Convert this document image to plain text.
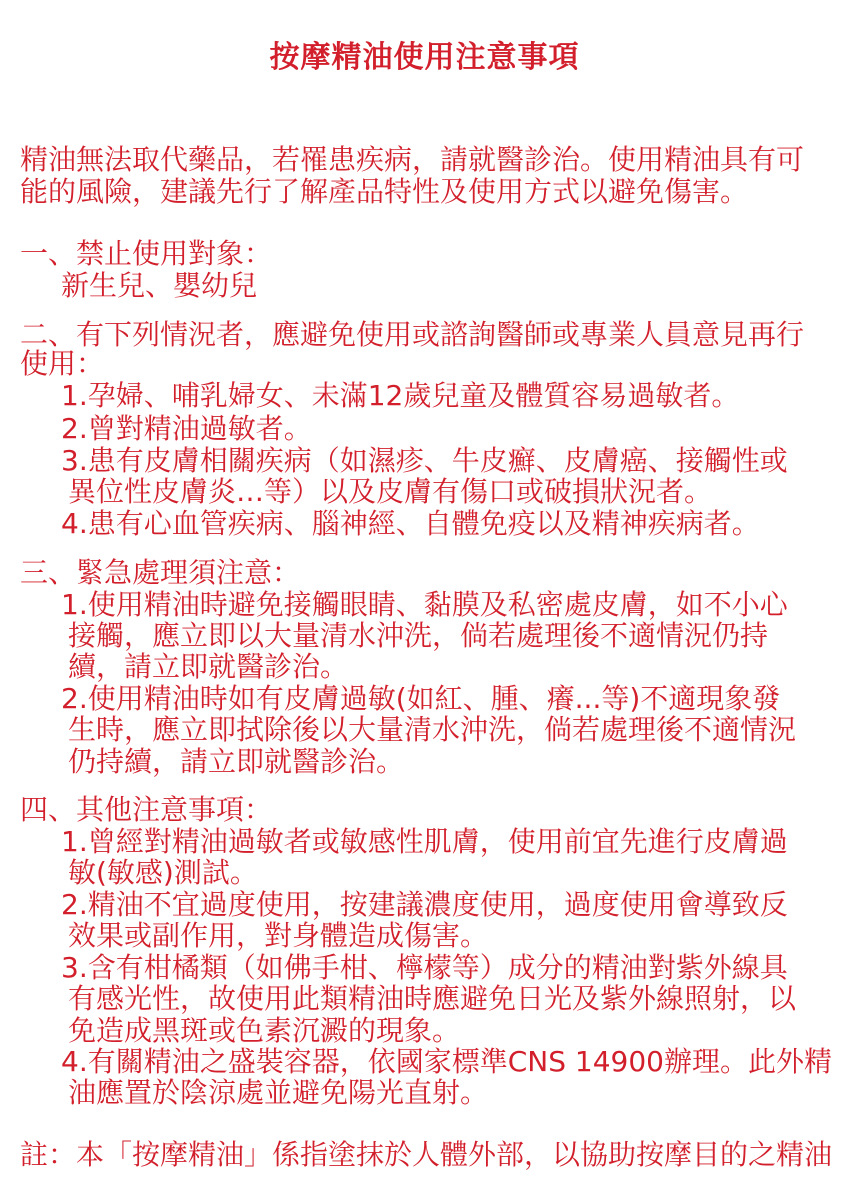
按摩精油使用注意事項
精油無法取代藥品，若罹患疾病，請就醫診治。使用精油具有可
能的風險，建議先行了解產品特性及使用方式以避免傷害。
一、禁止使用對象：
新生兒、嬰幼兒
二、有下列情況者，應避免使用或諮詢醫師或專業人員意見再行
使用：
1.孕婦、哺乳婦女、未滿12歲兒童及體質容易過敏者。
2.曾對精油過敏者。
3.患有皮膚相關疾病（如濕疹、牛皮癬、皮膚癌、接觸性或
異位性皮膚炎…等）以及皮膚有傷口或破損狀況者。
4.患有心血管疾病、腦神經、自體免疫以及精神疾病者。
三、緊急處理須注意：
1.使用精油時避免接觸眼睛、黏膜及私密處皮膚，如不小心
接觸，應立即以大量清水沖洗，倘若處理後不適情況仍持
續，請立即就醫診治。
2.使用精油時如有皮膚過敏(如紅、腫、癢...等)不適現象發
生時，應立即拭除後以大量清水沖洗，倘若處理後不適情況
仍持續，請立即就醫診治。
四、其他注意事項：
1.曾經對精油過敏者或敏感性肌膚，使用前宜先進行皮膚過
敏(敏感)測試。
2.精油不宜過度使用，按建議濃度使用，過度使用會導致反
效果或副作用，對身體造成傷害。
3.含有柑橘類（如佛手柑、檸檬等）成分的精油對紫外線具
有感光性，故使用此類精油時應避免日光及紫外線照射，以
免造成黑斑或色素沉澱的現象。
4.有關精油之盛裝容器，依國家標準CNS 14900辦理。此外精
油應置於陰涼處並避免陽光直射。
註：本「按摩精油」係指塗抹於人體外部，以協助按摩目的之精油
